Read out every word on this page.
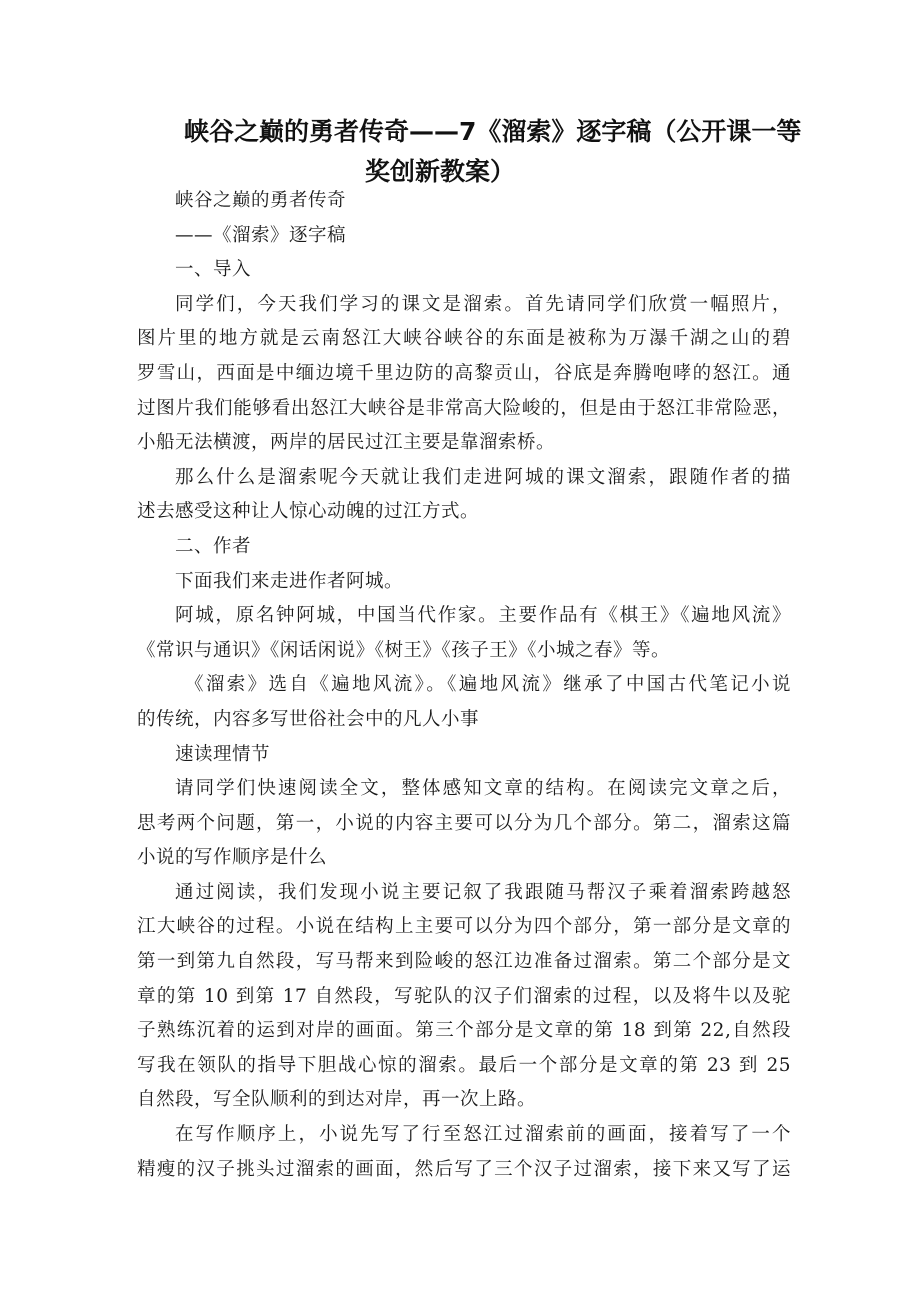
峡谷之巅的勇者传奇——7《溜索》逐字稿（公开课一等
奖创新教案）

峡谷之巅的勇者传奇

——《溜索》逐字稿

一、导入

同学们，今天我们学习的课文是溜索。首先请同学们欣赏一幅照片，

图片里的地方就是云南怒江大峡谷峡谷的东面是被称为万瀑千湖之山的碧

罗雪山，西面是中缅边境千里边防的高黎贡山，谷底是奔腾咆哮的怒江。通

过图片我们能够看出怒江大峡谷是非常高大险峻的，但是由于怒江非常险恶，

小船无法横渡，两岸的居民过江主要是靠溜索桥。

那么什么是溜索呢今天就让我们走进阿城的课文溜索，跟随作者的描

述去感受这种让人惊心动魄的过江方式。

二、作者

下面我们来走进作者阿城。

阿城，原名钟阿城，中国当代作家。主要作品有《棋王》《遍地风流》

《常识与通识》《闲话闲说》《树王》《孩子王》《小城之春》等。

《溜索》选自《遍地风流》。《遍地风流》继承了中国古代笔记小说

的传统，内容多写世俗社会中的凡人小事

速读理情节

请同学们快速阅读全文，整体感知文章的结构。在阅读完文章之后，

思考两个问题，第一，小说的内容主要可以分为几个部分。第二，溜索这篇

小说的写作顺序是什么

通过阅读，我们发现小说主要记叙了我跟随马帮汉子乘着溜索跨越怒

江大峡谷的过程。小说在结构上主要可以分为四个部分，第一部分是文章的

第一到第九自然段，写马帮来到险峻的怒江边准备过溜索。第二个部分是文

章的第 10 到第 17 自然段，写驼队的汉子们溜索的过程，以及将牛以及驼

子熟练沉着的运到对岸的画面。第三个部分是文章的第 18 到第 22,自然段

写我在领队的指导下胆战心惊的溜索。最后一个部分是文章的第 23 到 25

自然段，写全队顺利的到达对岸，再一次上路。

在写作顺序上，小说先写了行至怒江过溜索前的画面，接着写了一个

精瘦的汉子挑头过溜索的画面，然后写了三个汉子过溜索，接下来又写了运
